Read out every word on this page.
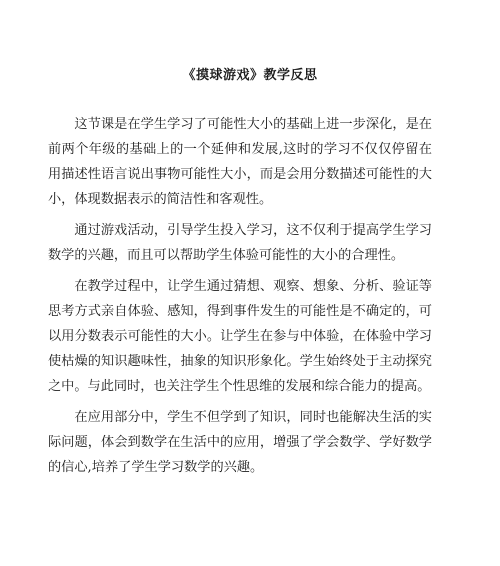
《摸球游戏》教学反思

这节课是在学生学习了可能性大小的基础上进一步深化，是在前两个年级的基础上的一个延伸和发展,这时的学习不仅仅停留在用描述性语言说出事物可能性大小，而是会用分数描述可能性的大小，体现数据表示的简洁性和客观性。

通过游戏活动，引导学生投入学习，这不仅利于提高学生学习数学的兴趣，而且可以帮助学生体验可能性的大小的合理性。

在教学过程中，让学生通过猜想、观察、想象、分析、验证等思考方式亲自体验、感知，得到事件发生的可能性是不确定的，可以用分数表示可能性的大小。让学生在参与中体验，在体验中学习使枯燥的知识趣味性，抽象的知识形象化。学生始终处于主动探究之中。与此同时，也关注学生个性思维的发展和综合能力的提高。

在应用部分中，学生不但学到了知识，同时也能解决生活的实际问题，体会到数学在生活中的应用，增强了学会数学、学好数学的信心,培养了学生学习数学的兴趣。
